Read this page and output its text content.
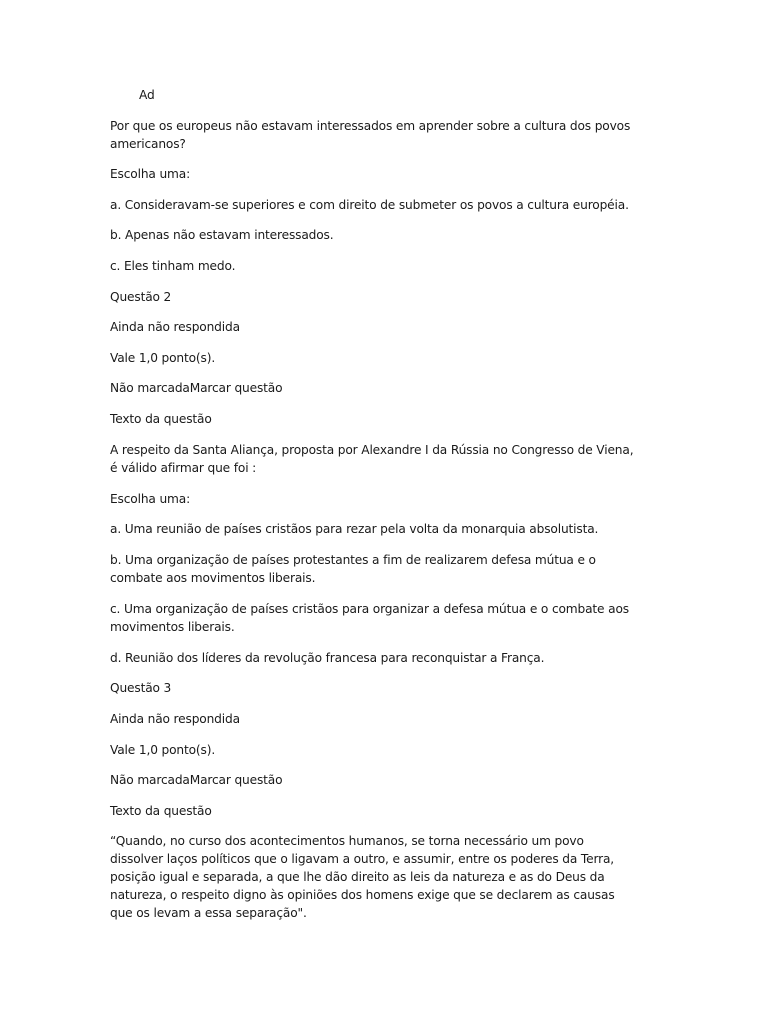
Ad

Por que os europeus não estavam interessados em aprender sobre a cultura dos povos americanos?

Escolha uma:

a. Consideravam-se superiores e com direito de submeter os povos a cultura européia.

b. Apenas não estavam interessados.

c. Eles tinham medo.

Questão 2

Ainda não respondida

Vale 1,0 ponto(s).

Não marcadaMarcar questão

Texto da questão

A respeito da Santa Aliança, proposta por Alexandre I da Rússia no Congresso de Viena, é válido afirmar que foi :

Escolha uma:

a. Uma reunião de países cristãos para rezar pela volta da monarquia absolutista.

b. Uma organização de países protestantes a fim de realizarem defesa mútua e o combate aos movimentos liberais.

c. Uma organização de países cristãos para organizar a defesa mútua e o combate aos movimentos liberais.

d. Reunião dos líderes da revolução francesa para reconquistar a França.

Questão 3

Ainda não respondida

Vale 1,0 ponto(s).

Não marcadaMarcar questão

Texto da questão

“Quando, no curso dos acontecimentos humanos, se torna necessário um povo dissolver laços políticos que o ligavam a outro, e assumir, entre os poderes da Terra, posição igual e separada, a que lhe dão direito as leis da natureza e as do Deus da natureza, o respeito digno às opiniões dos homens exige que se declarem as causas que os levam a essa separação".
